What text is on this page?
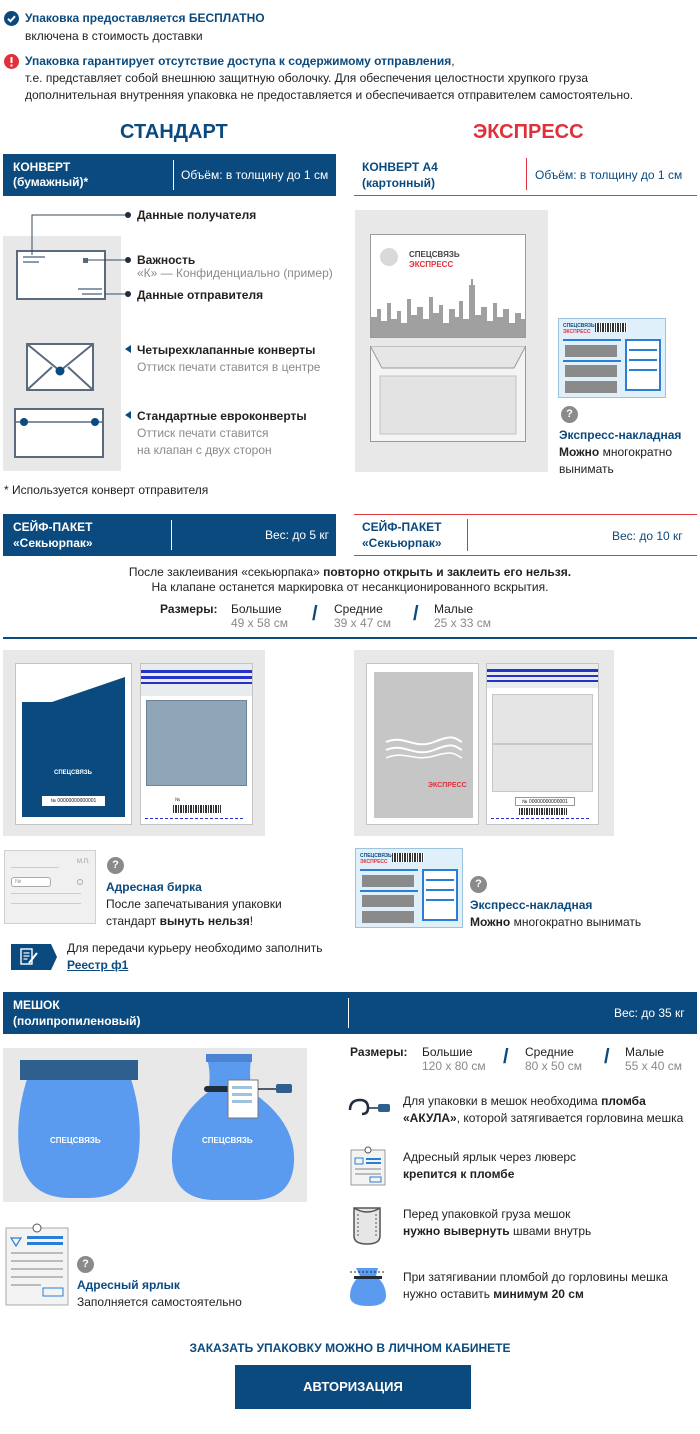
Упаковка предоставляется БЕСПЛАТНО
включена в стоимость доставки
Упаковка гарантирует отсутствие доступа к содержимому отправления,
т.е. представляет собой внешнюю защитную оболочку. Для обеспечения целостности хрупкого груза
дополнительная внутренняя упаковка не предоставляется и обеспечивается отправителем самостоятельно.
СТАНДАРТ	ЭКСПРЕСС
КОНВЕРТ
(бумажный)*	Объём: в толщину до 1 см
КОНВЕРТ А4
(картонный)
Объём: в толщину до 1 см
Данные получателя
Важность
«К» — Конфиденциально (пример)
Данные отправителя
Четырехклапанные конверты
Оттиск печати ставится в центре
Стандартные евроконверты
Оттиск печати ставится
на клапан с двух сторон
* Используется конверт отправителя
СПЕЦСВЯЗЬ
ЭКСПРЕСС
СПЕЦСВЯЗЬ
ЭКСПРЕСС
?
Экспресс-накладная
Можно многократно
вынимать
СЕЙФ-ПАКЕТ
«Секьюрпак»
Вес: до 5 кг
СЕЙФ-ПАКЕТ
«Секьюрпак»	Вес: до 10 кг
После заклеивания «секьюрпака» повторно открыть и заклеить его нельзя.
На клапане останется маркировка от несанкционированного вскрытия.
Размеры: Большие
49 х 58 см / Средние
39 х 47 см / Малые
25 х 33 см
СПЕЦСВЯЗЬ
№ 00000000000001	№
ЭКСПРЕСС
№ 00000000000001
М.П.
№
?
Адресная бирка
После запечатывания упаковки
стандарт вынуть нельзя!
Для передачи курьеру необходимо заполнить
Реестр ф1
СПЕЦСВЯЗЬ
ЭКСПРЕСС
?
Экспресс-накладная
Можно многократно вынимать
МЕШОК
(полипропиленовый)
Вес: до 35 кг
СПЕЦСВЯЗЬ	СПЕЦСВЯЗЬ
Размеры: Большие
120 х 80 см / Средние
80 х 50 см / Малые
55 х 40 см
Для упаковки в мешок необходима пломба
«АКУЛА», которой затягивается горловина мешка
Адресный ярлык через люверс
крепится к пломбе
Перед упаковкой груза мешок
нужно вывернуть швами внутрь
При затягивании пломбой до горловины мешка
нужно оставить минимум 20 см
?
Адресный ярлык
Заполняется самостоятельно
ЗАКАЗАТЬ УПАКОВКУ МОЖНО В ЛИЧНОМ КАБИНЕТЕ
АВТОРИЗАЦИЯ
